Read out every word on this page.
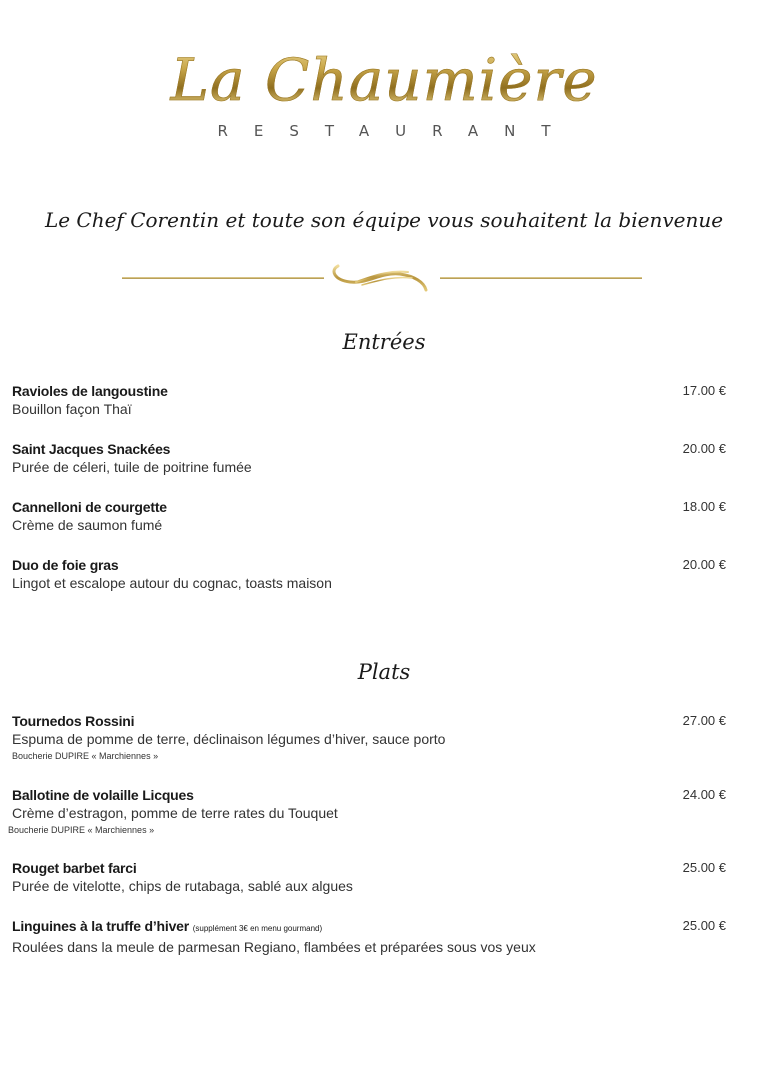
La Chaumière
RESTAURANT
Le Chef Corentin et toute son équipe vous souhaitent la bienvenue
Entrées
Ravioles de langoustine
Bouillon façon Thaï
17.00 €
Saint Jacques Snackées
Purée de céleri, tuile de poitrine fumée
20.00 €
Cannelloni de courgette
Crème de saumon fumé
18.00 €
Duo de foie gras
Lingot et escalope autour du cognac, toasts maison
20.00 €
Plats
Tournedos Rossini
Espuma de pomme de terre, déclinaison légumes d’hiver, sauce porto
Boucherie DUPIRE « Marchiennes »
27.00 €
Ballotine de volaille Licques
Crème d’estragon, pomme de terre rates du Touquet
Boucherie DUPIRE « Marchiennes »
24.00 €
Rouget barbet farci
Purée de vitelotte, chips de rutabaga, sablé aux algues
25.00 €
Linguines à la truffe d’hiver (supplément 3€ en menu gourmand)
Roulées dans la meule de parmesan Regiano, flambées et préparées sous vos yeux
25.00 €
